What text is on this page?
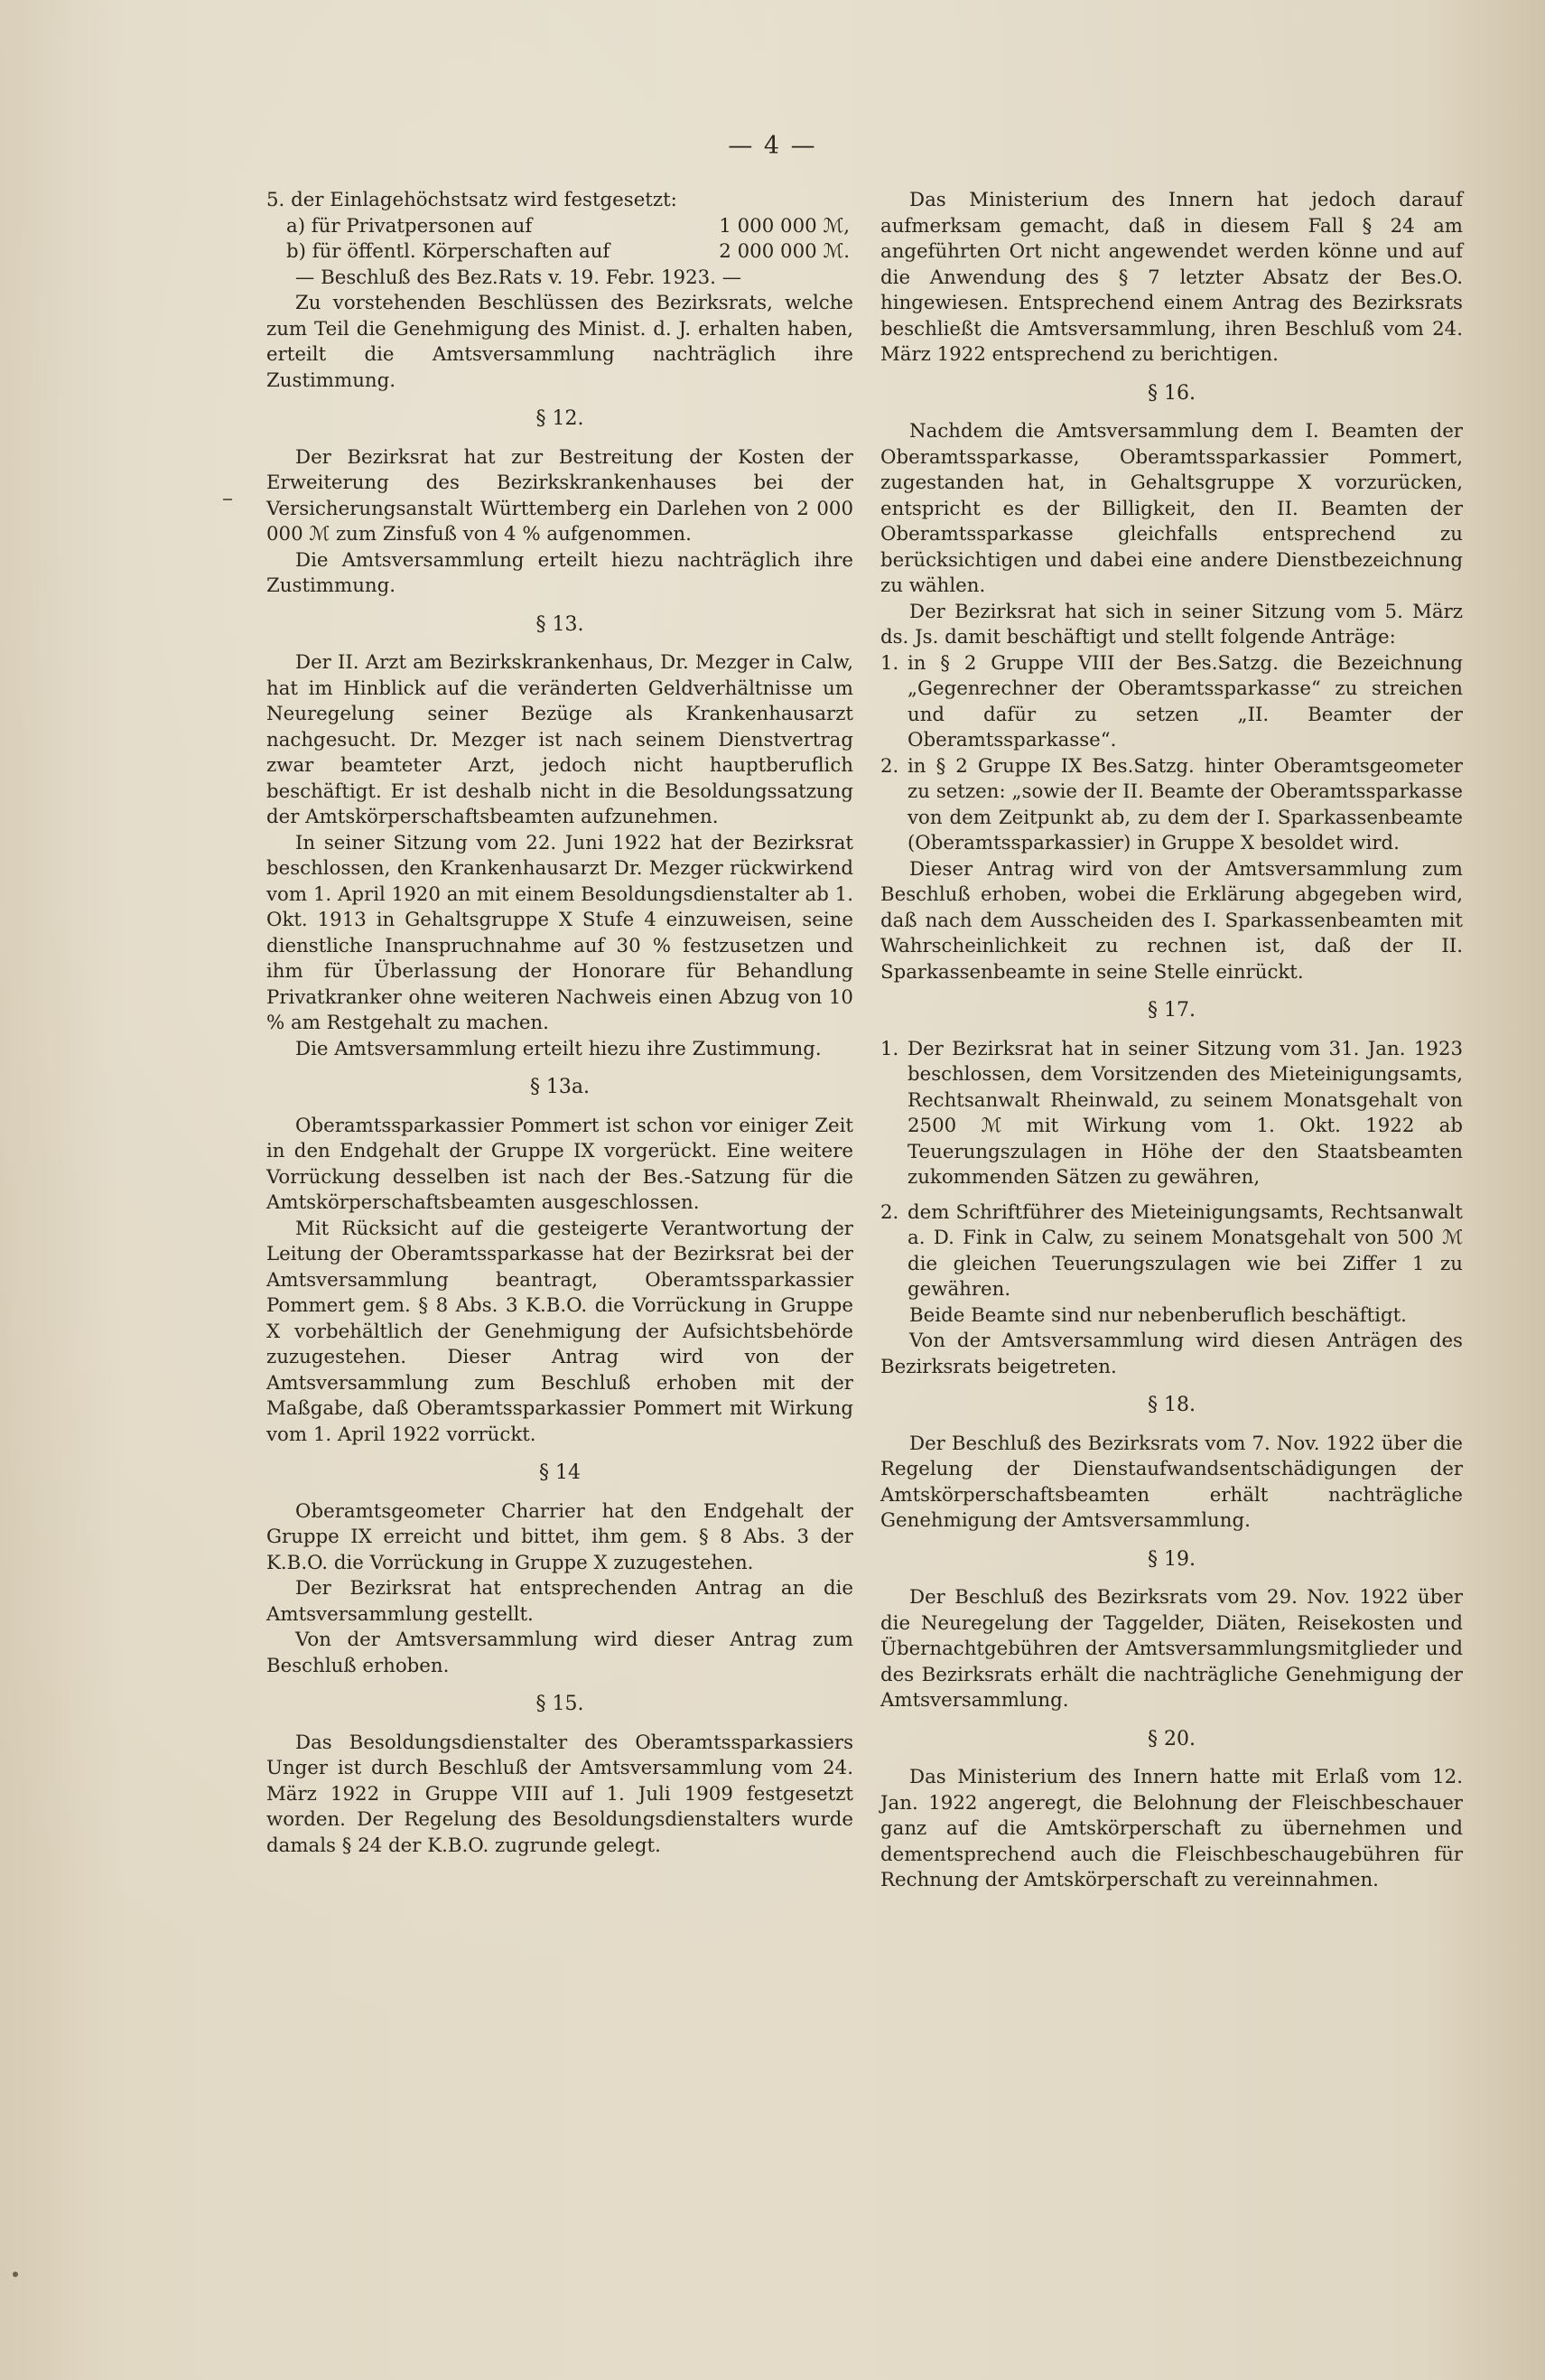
— 4 —

5. der Einlagehöchstsatz wird festgesetzt:

a) für Privatpersonen auf	1 000 000 ℳ,
b) für öffentl. Körperschaften auf	2 000 000 ℳ.

— Beschluß des Bez.Rats v. 19. Febr. 1923. —

Zu vorstehenden Beschlüssen des Bezirksrats, welche zum Teil die Genehmigung des Minist. d. J. erhalten haben, erteilt die Amtsversammlung nachträglich ihre Zustimmung.

§ 12.

Der Bezirksrat hat zur Bestreitung der Kosten der Erweiterung des Bezirkskrankenhauses bei der Versicherungsanstalt Württemberg ein Darlehen von 2 000 000 ℳ zum Zinsfuß von 4 % aufgenommen.

Die Amtsversammlung erteilt hiezu nachträglich ihre Zustimmung.

§ 13.

Der II. Arzt am Bezirkskrankenhaus, Dr. Mezger in Calw, hat im Hinblick auf die veränderten Geldverhältnisse um Neuregelung seiner Bezüge als Krankenhausarzt nachgesucht. Dr. Mezger ist nach seinem Dienstvertrag zwar beamteter Arzt, jedoch nicht hauptberuflich beschäftigt. Er ist deshalb nicht in die Besoldungssatzung der Amtskörperschaftsbeamten aufzunehmen.

In seiner Sitzung vom 22. Juni 1922 hat der Bezirksrat beschlossen, den Krankenhausarzt Dr. Mezger rückwirkend vom 1. April 1920 an mit einem Besoldungsdienstalter ab 1. Okt. 1913 in Gehaltsgruppe X Stufe 4 einzuweisen, seine dienstliche Inanspruchnahme auf 30 % festzusetzen und ihm für Überlassung der Honorare für Behandlung Privatkranker ohne weiteren Nachweis einen Abzug von 10 % am Restgehalt zu machen.

Die Amtsversammlung erteilt hiezu ihre Zustimmung.

§ 13a.

Oberamtssparkassier Pommert ist schon vor einiger Zeit in den Endgehalt der Gruppe IX vorgerückt. Eine weitere Vorrückung desselben ist nach der Bes.-Satzung für die Amtskörperschaftsbeamten ausgeschlossen.

Mit Rücksicht auf die gesteigerte Verantwortung der Leitung der Oberamtssparkasse hat der Bezirksrat bei der Amtsversammlung beantragt, Oberamtssparkassier Pommert gem. § 8 Abs. 3 K.B.O. die Vorrückung in Gruppe X vorbehältlich der Genehmigung der Aufsichtsbehörde zuzugestehen. Dieser Antrag wird von der Amtsversammlung zum Beschluß erhoben mit der Maßgabe, daß Oberamtssparkassier Pommert mit Wirkung vom 1. April 1922 vorrückt.

§ 14

Oberamtsgeometer Charrier hat den Endgehalt der Gruppe IX erreicht und bittet, ihm gem. § 8 Abs. 3 der K.B.O. die Vorrückung in Gruppe X zuzugestehen.

Der Bezirksrat hat entsprechenden Antrag an die Amtsversammlung gestellt.

Von der Amtsversammlung wird dieser Antrag zum Beschluß erhoben.

§ 15.

Das Besoldungsdienstalter des Oberamtssparkassiers Unger ist durch Beschluß der Amtsversammlung vom 24. März 1922 in Gruppe VIII auf 1. Juli 1909 festgesetzt worden. Der Regelung des Besoldungsdienstalters wurde damals § 24 der K.B.O. zugrunde gelegt.

Das Ministerium des Innern hat jedoch darauf aufmerksam gemacht, daß in diesem Fall § 24 am angeführten Ort nicht angewendet werden könne und auf die Anwendung des § 7 letzter Absatz der Bes.O. hingewiesen. Entsprechend einem Antrag des Bezirksrats beschließt die Amtsversammlung, ihren Beschluß vom 24. März 1922 entsprechend zu berichtigen.

§ 16.

Nachdem die Amtsversammlung dem I. Beamten der Oberamtssparkasse, Oberamtssparkassier Pommert, zugestanden hat, in Gehaltsgruppe X vorzurücken, entspricht es der Billigkeit, den II. Beamten der Oberamtssparkasse gleichfalls entsprechend zu berücksichtigen und dabei eine andere Dienstbezeichnung zu wählen.

Der Bezirksrat hat sich in seiner Sitzung vom 5. März ds. Js. damit beschäftigt und stellt folgende Anträge:

1. in § 2 Gruppe VIII der Bes.Satzg. die Bezeichnung „Gegenrechner der Oberamtssparkasse“ zu streichen und dafür zu setzen „II. Beamter der Oberamtssparkasse“.
2. in § 2 Gruppe IX Bes.Satzg. hinter Oberamtsgeometer zu setzen: „sowie der II. Beamte der Oberamtssparkasse von dem Zeitpunkt ab, zu dem der I. Sparkassenbeamte (Oberamtssparkassier) in Gruppe X besoldet wird.

Dieser Antrag wird von der Amtsversammlung zum Beschluß erhoben, wobei die Erklärung abgegeben wird, daß nach dem Ausscheiden des I. Sparkassenbeamten mit Wahrscheinlichkeit zu rechnen ist, daß der II. Sparkassenbeamte in seine Stelle einrückt.

§ 17.

1. Der Bezirksrat hat in seiner Sitzung vom 31. Jan. 1923 beschlossen, dem Vorsitzenden des Mieteinigungsamts, Rechtsanwalt Rheinwald, zu seinem Monatsgehalt von 2500 ℳ mit Wirkung vom 1. Okt. 1922 ab Teuerungszulagen in Höhe der den Staatsbeamten zukommenden Sätzen zu gewähren,
2. dem Schriftführer des Mieteinigungsamts, Rechtsanwalt a. D. Fink in Calw, zu seinem Monatsgehalt von 500 ℳ die gleichen Teuerungszulagen wie bei Ziffer 1 zu gewähren.

Beide Beamte sind nur nebenberuflich beschäftigt.

Von der Amtsversammlung wird diesen Anträgen des Bezirksrats beigetreten.

§ 18.

Der Beschluß des Bezirksrats vom 7. Nov. 1922 über die Regelung der Dienstaufwandsentschädigungen der Amtskörperschaftsbeamten erhält nachträgliche Genehmigung der Amtsversammlung.

§ 19.

Der Beschluß des Bezirksrats vom 29. Nov. 1922 über die Neuregelung der Taggelder, Diäten, Reisekosten und Übernachtgebühren der Amtsversammlungsmitglieder und des Bezirksrats erhält die nachträgliche Genehmigung der Amtsversammlung.

§ 20.

Das Ministerium des Innern hatte mit Erlaß vom 12. Jan. 1922 angeregt, die Belohnung der Fleischbeschauer ganz auf die Amtskörperschaft zu übernehmen und dementsprechend auch die Fleischbeschaugebühren für Rechnung der Amtskörperschaft zu vereinnahmen.
